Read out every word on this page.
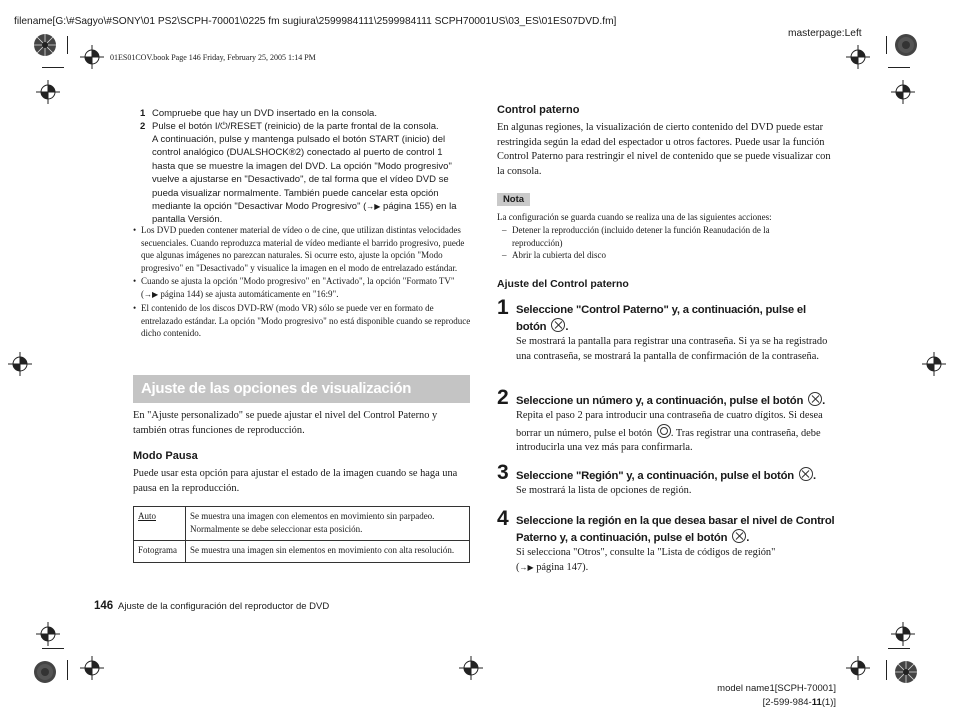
filename[G:\#Sagyo\#SONY\01 PS2\SCPH-70001\0225 fm sugiura\2599984111\2599984111 SCPH70001US\03_ES\01ES07DVD.fm]
masterpage:Left
01ES01COV.book Page 146 Friday, February 25, 2005 1:14 PM
1 Compruebe que hay un DVD insertado en la consola.
2 Pulse el botón I/⏻/RESET (reinicio) de la parte frontal de la consola.
A continuación, pulse y mantenga pulsado el botón START (inicio) del
control analógico (DUALSHOCK®2) conectado al puerto de control 1
hasta que se muestre la imagen del DVD. La opción "Modo progresivo"
vuelve a ajustarse en "Desactivado", de tal forma que el vídeo DVD se
pueda visualizar normalmente. También puede cancelar esta opción
mediante la opción "Desactivar Modo Progresivo" (→▶ página 155) en la
pantalla Versión.
• Los DVD pueden contener material de vídeo o de cine, que utilizan distintas velocidades secuenciales. Cuando reproduzca material de vídeo mediante el barrido progresivo, puede que algunas imágenes no parezcan naturales. Si ocurre esto, ajuste la opción "Modo progresivo" en "Desactivado" y visualice la imagen en el modo de entrelazado estándar.
• Cuando se ajusta la opción "Modo progresivo" en "Activado", la opción "Formato TV" (→▶ página 144) se ajusta automáticamente en "16:9".
• El contenido de los discos DVD-RW (modo VR) sólo se puede ver en formato de entrelazado estándar. La opción "Modo progresivo" no está disponible cuando se reproduce dicho contenido.
Ajuste de las opciones de visualización
En "Ajuste personalizado" se puede ajustar el nivel del Control Paterno y también otras funciones de reproducción.
Modo Pausa
Puede usar esta opción para ajustar el estado de la imagen cuando se haga una pausa en la reproducción.
Auto	Se muestra una imagen con elementos en movimiento sin parpadeo. Normalmente se debe seleccionar esta posición.
Fotograma	Se muestra una imagen sin elementos en movimiento con alta resolución.
Control paterno
En algunas regiones, la visualización de cierto contenido del DVD puede estar restringida según la edad del espectador u otros factores. Puede usar la función Control Paterno para restringir el nivel de contenido que se puede visualizar con la consola.
Nota
La configuración se guarda cuando se realiza una de las siguientes acciones:
– Detener la reproducción (incluido detener la función Reanudación de la reproducción)
– Abrir la cubierta del disco
Ajuste del Control paterno
1 Seleccione "Control Paterno" y, a continuación, pulse el
botón .
Se mostrará la pantalla para registrar una contraseña. Si ya se ha registrado una contraseña, se mostrará la pantalla de confirmación de la contraseña.
2 Seleccione un número y, a continuación, pulse el botón .
Repita el paso 2 para introducir una contraseña de cuatro dígitos. Si desea borrar un número, pulse el botón . Tras registrar una contraseña, debe introducirla una vez más para confirmarla.
3 Seleccione "Región" y, a continuación, pulse el botón .
Se mostrará la lista de opciones de región.
4 Seleccione la región en la que desea basar el nivel de Control
Paterno y, a continuación, pulse el botón .
Si selecciona "Otros", consulte la "Lista de códigos de región"
(→▶ página 147).
146 Ajuste de la configuración del reproductor de DVD
model name1[SCPH-70001]
[2-599-984-11(1)]
